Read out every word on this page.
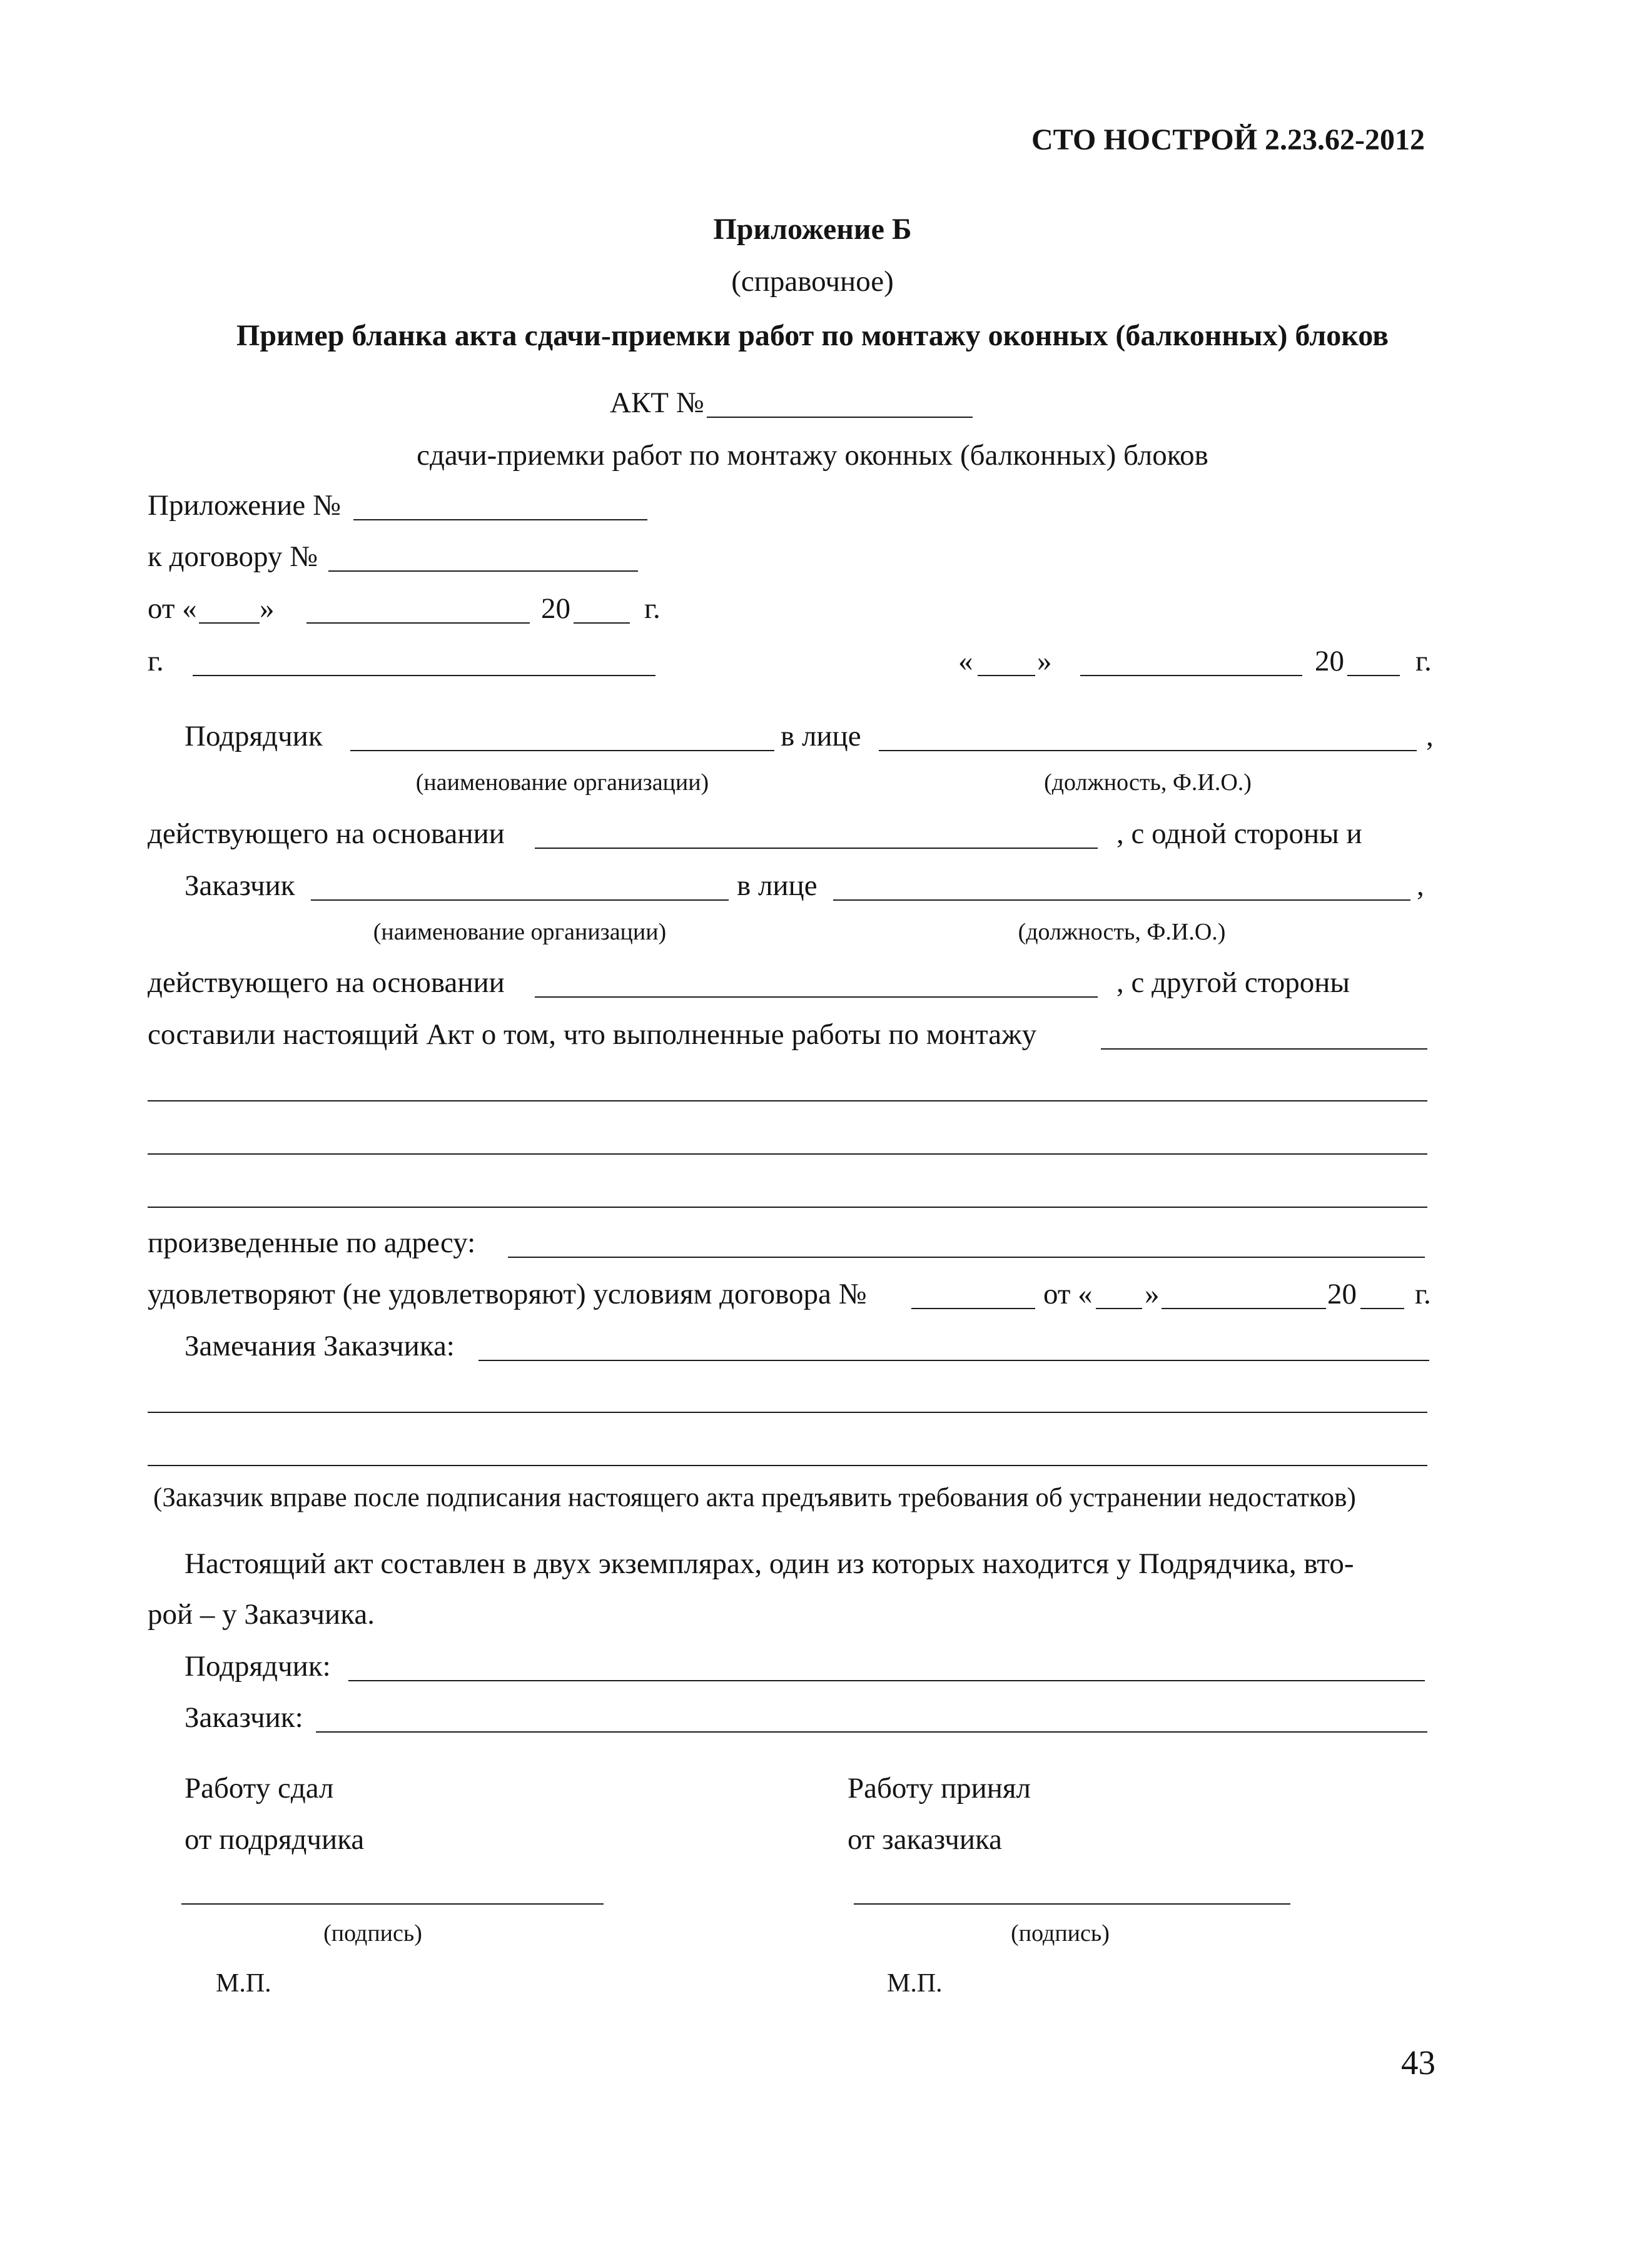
СТО НОСТРОЙ 2.23.62-2012
Приложение Б
(справочное)
Пример бланка акта сдачи-приемки работ по монтажу оконных (балконных) блоков
АКТ №
сдачи-приемки работ по монтажу оконных (балконных) блоков
Приложение №
к договору №
от « »	20	г.
г.	« »	20 г.
Подрядчик	в лице	,
(наименование организации)	(должность, Ф.И.О.)
действующего на основании	, с одной стороны и
Заказчик	в лице	,
(наименование организации)	(должность, Ф.И.О.)
действующего на основании	, с другой стороны
составили настоящий Акт о том, что выполненные работы по монтажу
произведенные по адресу:
удовлетворяют (не удовлетворяют) условиям договора №	от « »	20 г.
Замечания Заказчика:
(Заказчик вправе после подписания настоящего акта предъявить требования об устранении недостатков)
Настоящий акт составлен в двух экземплярах, один из которых находится у Подрядчика, вто-
рой – у Заказчика.
Подрядчик:
Заказчик:
Работу сдал
от подрядчика
(подпись)
М.П.
Работу принял
от заказчика
(подпись)
М.П.
43
